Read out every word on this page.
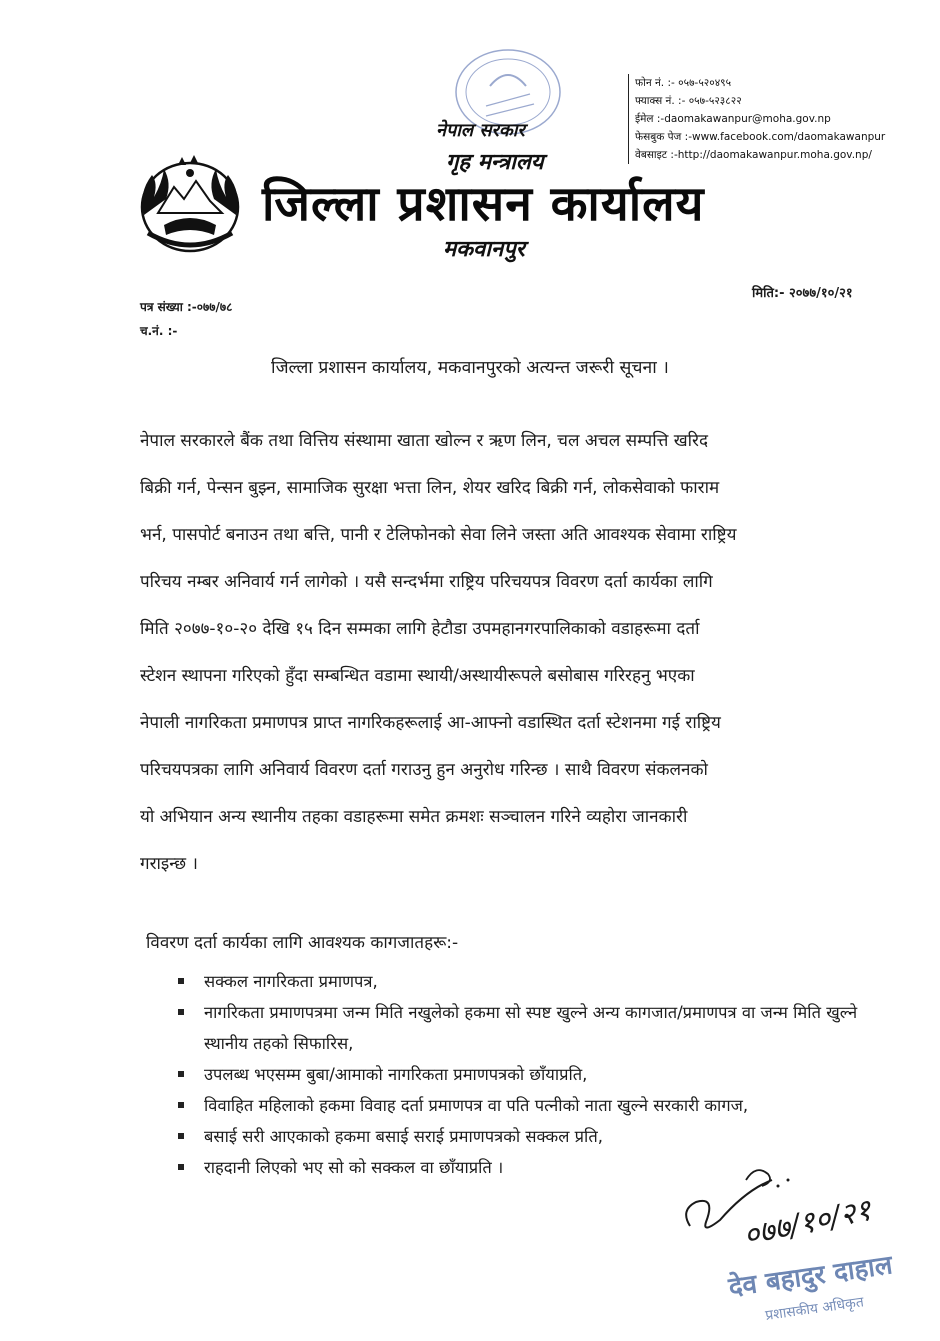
नेपाल सरकार
गृह मन्त्रालय
जिल्ला प्रशासन कार्यालय
मकवानपुर
फोन नं. :- ०५७-५२०४९५
फ्याक्स नं. :- ०५७-५२३८२२
ईमेल :-daomakawanpur@moha.gov.np
फेसबुक पेज :-www.facebook.com/daomakawanpur
वेबसाइट :-http://daomakawanpur.moha.gov.np/
पत्र संख्या :-०७७/७८
च.नं. :-
मिति:- २०७७/१०/२१
जिल्ला प्रशासन कार्यालय, मकवानपुरको अत्यन्त जरूरी सूचना ।
नेपाल सरकारले बैंक तथा वित्तिय संस्थामा खाता खोल्न र ऋण लिन, चल अचल सम्पत्ति खरिद
बिक्री गर्न, पेन्सन बुझ्न, सामाजिक सुरक्षा भत्ता लिन, शेयर खरिद बिक्री गर्न, लोकसेवाको फाराम
भर्न, पासपोर्ट बनाउन तथा बत्ति, पानी र टेलिफोनको सेवा लिने जस्ता अति आवश्यक सेवामा राष्ट्रिय
परिचय नम्बर अनिवार्य गर्न लागेको । यसै सन्दर्भमा राष्ट्रिय परिचयपत्र विवरण दर्ता कार्यका लागि
मिति २०७७-१०-२० देखि १५ दिन सम्मका लागि हेटौडा उपमहानगरपालिकाको वडाहरूमा दर्ता
स्टेशन स्थापना गरिएको हुँदा सम्बन्धित वडामा स्थायी/अस्थायीरूपले बसोबास गरिरहनु भएका
नेपाली नागरिकता प्रमाणपत्र प्राप्त नागरिकहरूलाई आ-आफ्नो वडास्थित दर्ता स्टेशनमा गई राष्ट्रिय
परिचयपत्रका लागि अनिवार्य विवरण दर्ता गराउनु हुन अनुरोध गरिन्छ । साथै विवरण संकलनको
यो अभियान अन्य स्थानीय तहका वडाहरूमा समेत क्रमशः सञ्चालन गरिने व्यहोरा जानकारी
गराइन्छ ।
विवरण दर्ता कार्यका लागि आवश्यक कागजातहरू:-
सक्कल नागरिकता प्रमाणपत्र,
नागरिकता प्रमाणपत्रमा जन्म मिति नखुलेको हकमा सो स्पष्ट खुल्ने अन्य कागजात/प्रमाणपत्र वा जन्म मिति खुल्ने स्थानीय तहको सिफारिस,
उपलब्ध भएसम्म बुबा/आमाको नागरिकता प्रमाणपत्रको छाँयाप्रति,
विवाहित महिलाको हकमा विवाह दर्ता प्रमाणपत्र वा पति पत्नीको नाता खुल्ने सरकारी कागज,
बसाई सरी आएकाको हकमा बसाई सराई प्रमाणपत्रको सक्कल प्रति,
राहदानी लिएको भए सो को सक्कल वा छाँयाप्रति ।
०७७/१०/२१
देव बहादुर दाहाल
प्रशासकीय अधिकृत
